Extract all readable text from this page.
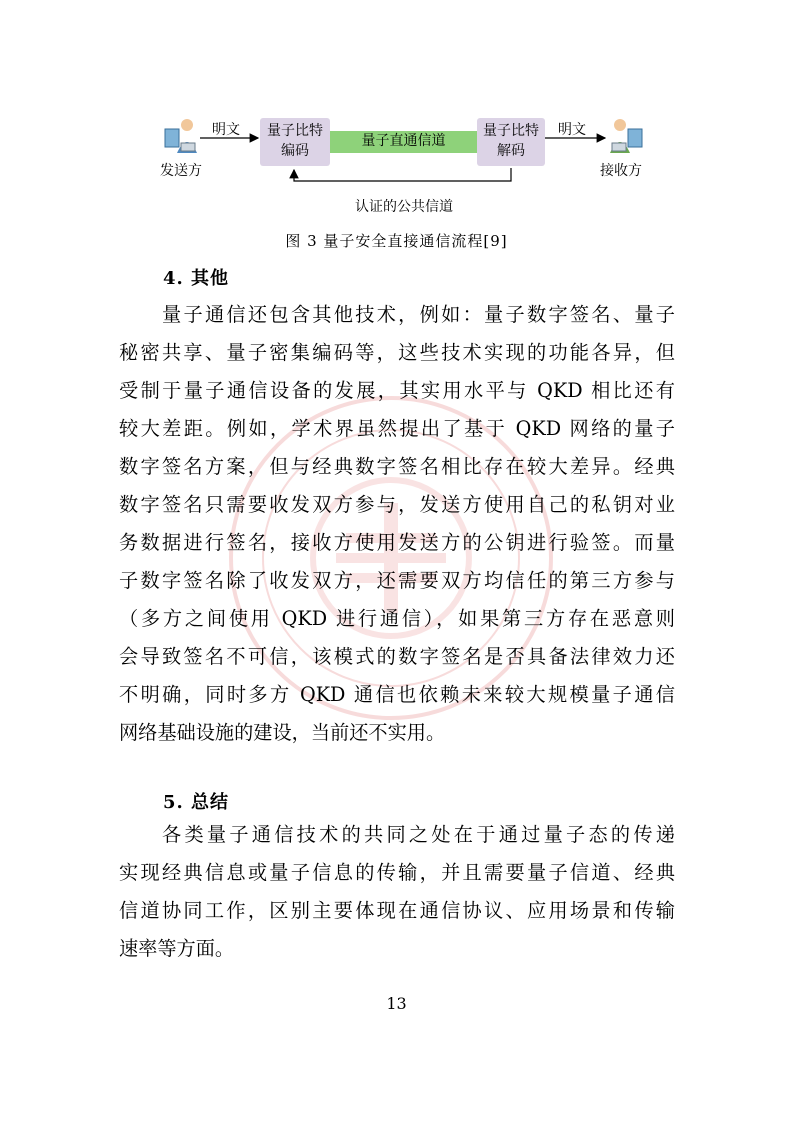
发送方
明文	量子比特
编码
量子直通信道
量子比特
解码
明文
接收方
认证的公共信道
图 3 量子安全直接通信流程[9]
4. 其他
量子通信还包含其他技术，例如：量子数字签名、量子
秘密共享、量子密集编码等，这些技术实现的功能各异，但
受制于量子通信设备的发展，其实用水平与 QKD 相比还有
较大差距。例如，学术界虽然提出了基于 QKD 网络的量子
数字签名方案，但与经典数字签名相比存在较大差异。经典
数字签名只需要收发双方参与，发送方使用自己的私钥对业
务数据进行签名，接收方使用发送方的公钥进行验签。而量
子数字签名除了收发双方，还需要双方均信任的第三方参与
（多方之间使用 QKD 进行通信），如果第三方存在恶意则
会导致签名不可信，该模式的数字签名是否具备法律效力还
不明确，同时多方 QKD 通信也依赖未来较大规模量子通信
网络基础设施的建设，当前还不实用。
5. 总结
各类量子通信技术的共同之处在于通过量子态的传递
实现经典信息或量子信息的传输，并且需要量子信道、经典
信道协同工作，区别主要体现在通信协议、应用场景和传输
速率等方面。
13
